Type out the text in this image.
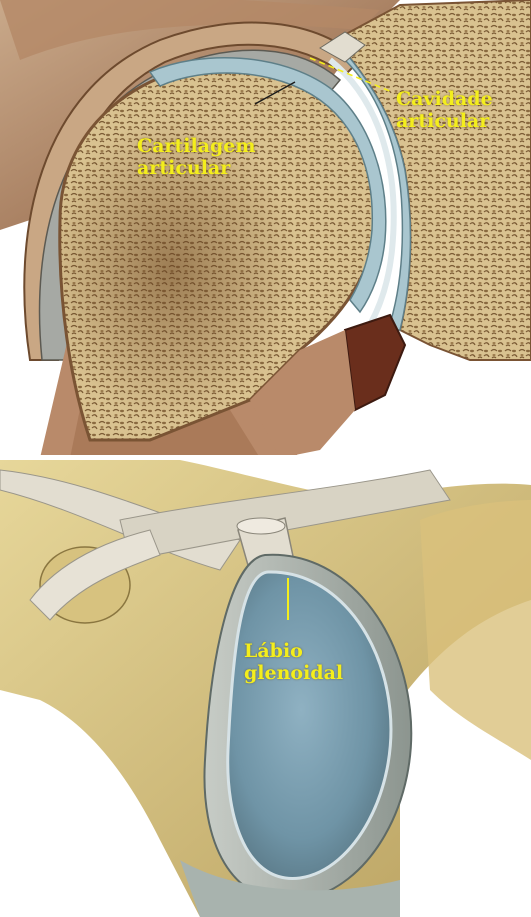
Cartilagem
articular
Cavidade
articular
Lábio
glenoidal
